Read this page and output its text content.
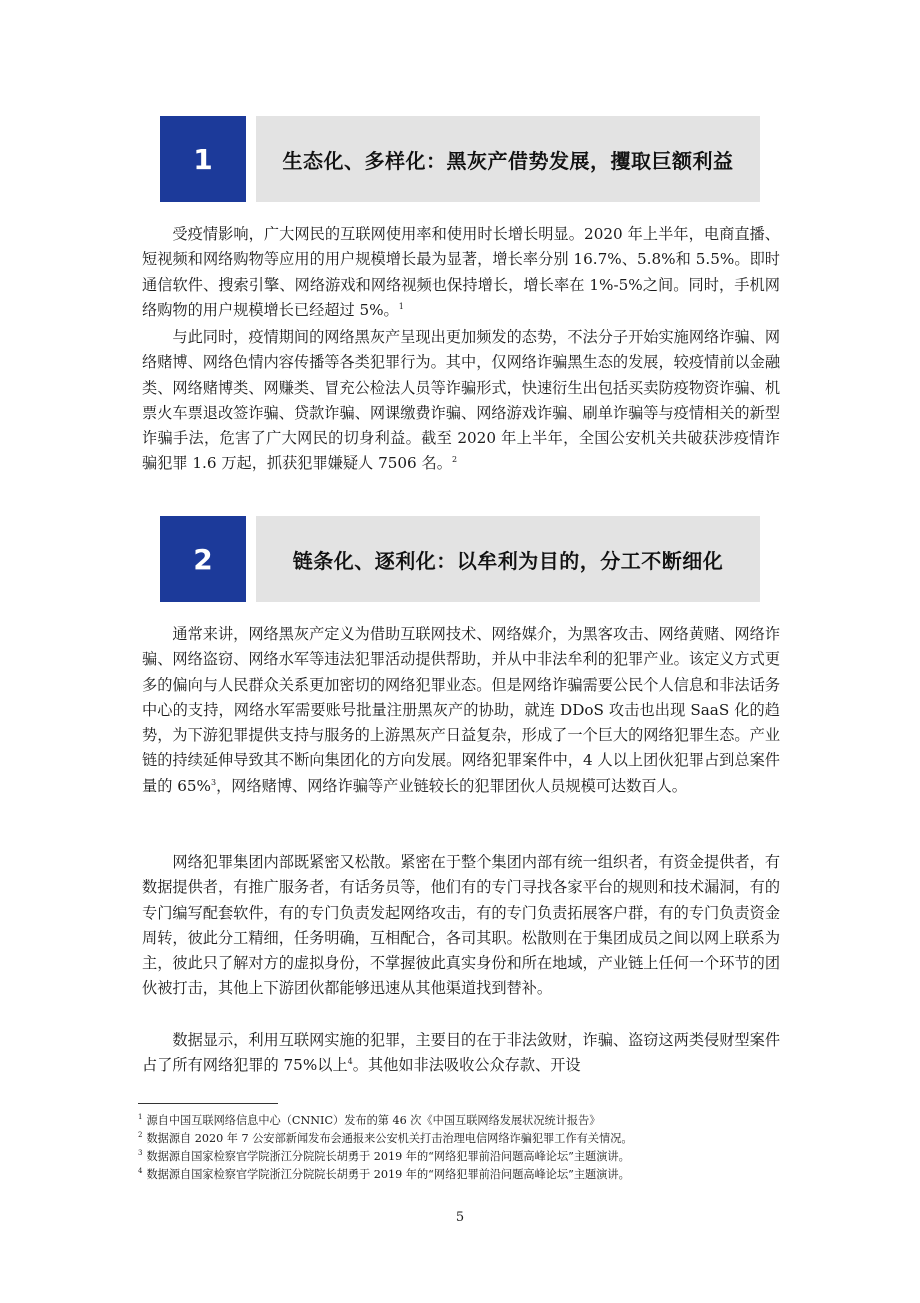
1	生态化、多样化：黑灰产借势发展，攫取巨额利益

受疫情影响，广大网民的互联网使用率和使用时长增长明显。2020 年上半年，电商直播、短视频和网络购物等应用的用户规模增长最为显著，增长率分别 16.7%、5.8%和 5.5%。即时通信软件、搜索引擎、网络游戏和网络视频也保持增长，增长率在 1%-5%之间。同时，手机网络购物的用户规模增长已经超过 5%。$^1$

与此同时，疫情期间的网络黑灰产呈现出更加频发的态势，不法分子开始实施网络诈骗、网络赌博、网络色情内容传播等各类犯罪行为。其中，仅网络诈骗黑生态的发展，较疫情前以金融类、网络赌博类、网赚类、冒充公检法人员等诈骗形式，快速衍生出包括买卖防疫物资诈骗、机票火车票退改签诈骗、贷款诈骗、网课缴费诈骗、网络游戏诈骗、刷单诈骗等与疫情相关的新型诈骗手法，危害了广大网民的切身利益。截至 2020 年上半年，全国公安机关共破获涉疫情诈骗犯罪 1.6 万起，抓获犯罪嫌疑人 7506 名。$^2$

2	链条化、逐利化：以牟利为目的，分工不断细化

通常来讲，网络黑灰产定义为借助互联网技术、网络媒介，为黑客攻击、网络黄赌、网络诈骗、网络盗窃、网络水军等违法犯罪活动提供帮助，并从中非法牟利的犯罪产业。该定义方式更多的偏向与人民群众关系更加密切的网络犯罪业态。但是网络诈骗需要公民个人信息和非法话务中心的支持，网络水军需要账号批量注册黑灰产的协助，就连 DDoS 攻击也出现 SaaS 化的趋势，为下游犯罪提供支持与服务的上游黑灰产日益复杂，形成了一个巨大的网络犯罪生态。产业链的持续延伸导致其不断向集团化的方向发展。网络犯罪案件中，4 人以上团伙犯罪占到总案件量的 65%$^3$，网络赌博、网络诈骗等产业链较长的犯罪团伙人员规模可达数百人。

网络犯罪集团内部既紧密又松散。紧密在于整个集团内部有统一组织者，有资金提供者，有数据提供者，有推广服务者，有话务员等，他们有的专门寻找各家平台的规则和技术漏洞，有的专门编写配套软件，有的专门负责发起网络攻击，有的专门负责拓展客户群，有的专门负责资金周转，彼此分工精细，任务明确，互相配合，各司其职。松散则在于集团成员之间以网上联系为主，彼此只了解对方的虚拟身份，不掌握彼此真实身份和所在地域，产业链上任何一个环节的团伙被打击，其他上下游团伙都能够迅速从其他渠道找到替补。

数据显示，利用互联网实施的犯罪，主要目的在于非法敛财，诈骗、盗窃这两类侵财型案件占了所有网络犯罪的 75%以上$^4$。其他如非法吸收公众存款、开设

$^1$ 源自中国互联网络信息中心（CNNIC）发布的第 46 次《中国互联网络发展状况统计报告》
$^2$ 数据源自 2020 年 7 公安部新闻发布会通报来公安机关打击治理电信网络诈骗犯罪工作有关情况。
$^3$ 数据源自国家检察官学院浙江分院院长胡勇于 2019 年的“网络犯罪前沿问题高峰论坛”主题演讲。
$^4$ 数据源自国家检察官学院浙江分院院长胡勇于 2019 年的“网络犯罪前沿问题高峰论坛”主题演讲。
5
